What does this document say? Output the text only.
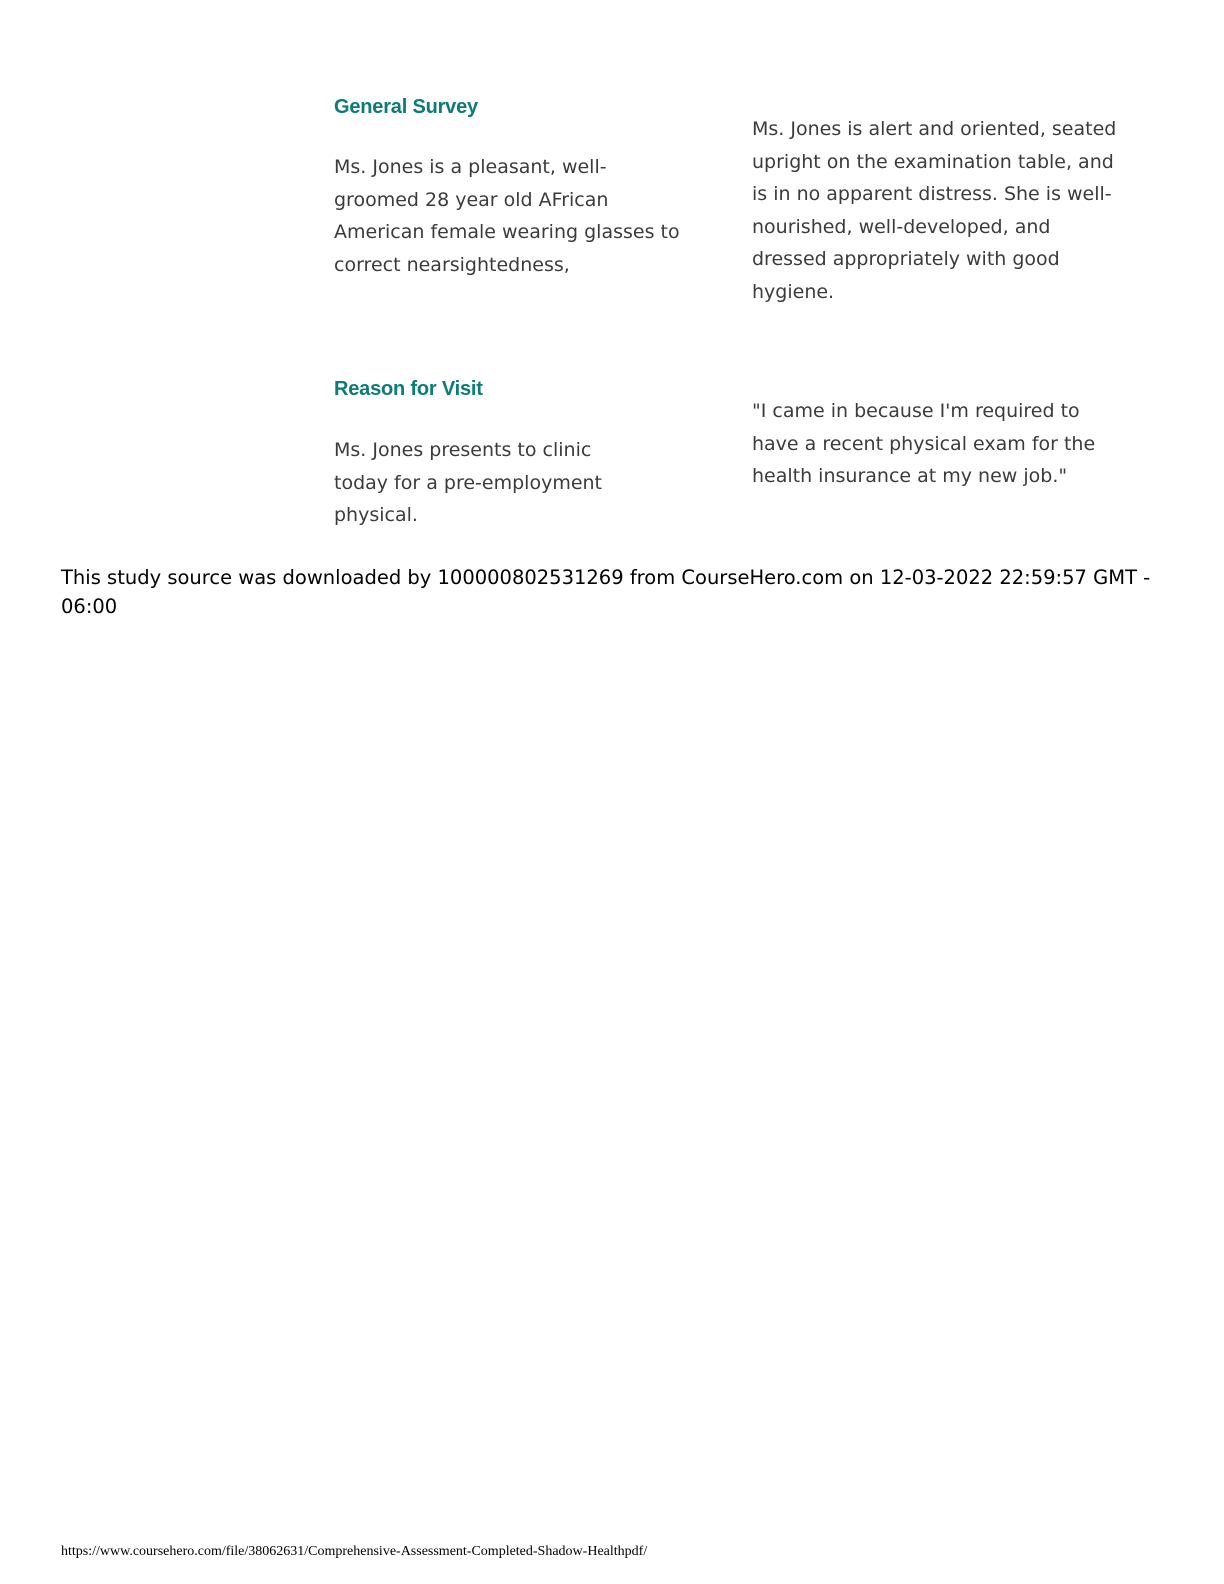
General Survey

Ms. Jones is a pleasant, well-
groomed 28 year old AFrican
American female wearing glasses to
correct nearsightedness,

Ms. Jones is alert and oriented, seated
upright on the examination table, and
is in no apparent distress. She is well-
nourished, well-developed, and
dressed appropriately with good
hygiene.

Reason for Visit

Ms. Jones presents to clinic
today for a pre-employment
physical.

"I came in because I'm required to
have a recent physical exam for the
health insurance at my new job."

This study source was downloaded by 100000802531269 from CourseHero.com on 12-03-2022 22:59:57 GMT -
06:00

https://www.coursehero.com/file/38062631/Comprehensive-Assessment-Completed-Shadow-Healthpdf/
